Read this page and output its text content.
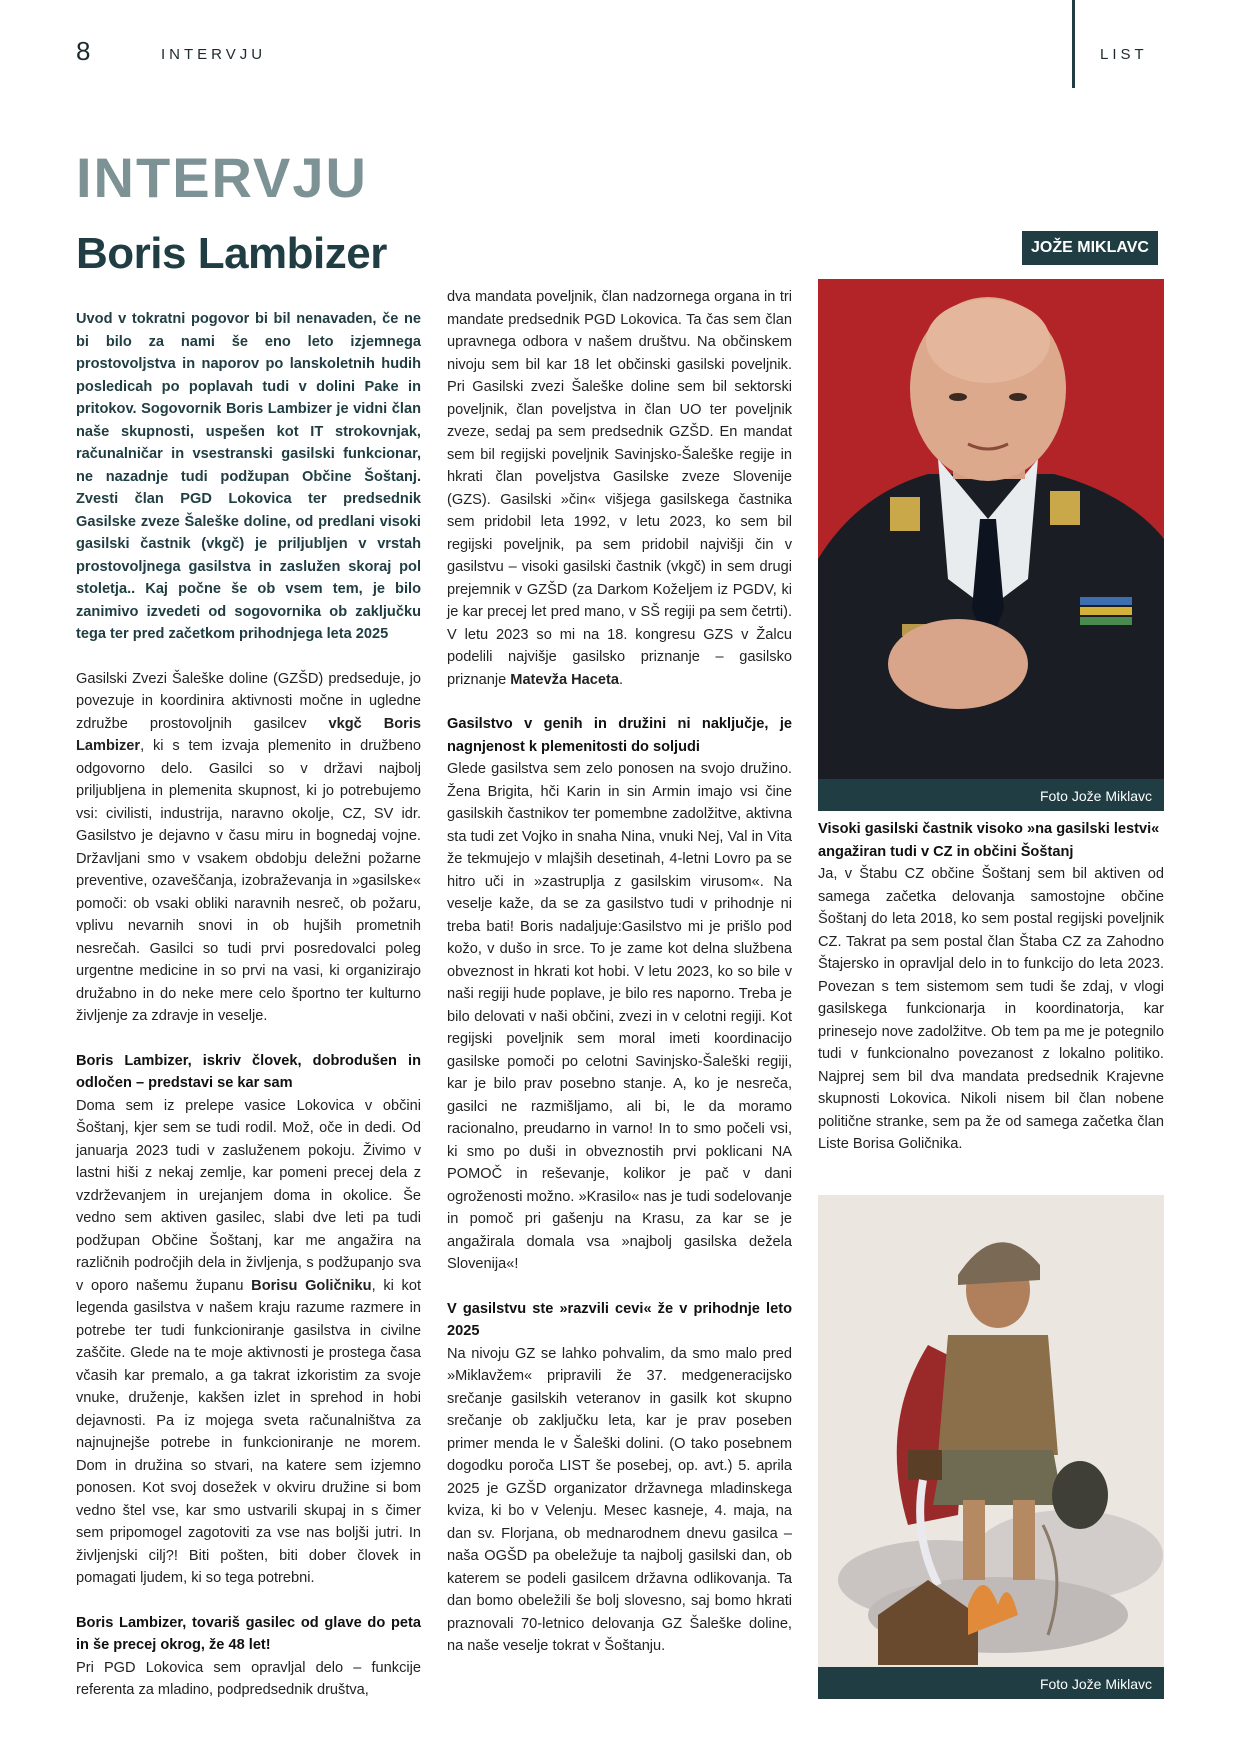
8	INTERVJU	LIST
INTERVJU
Boris Lambizer

Uvod v tokratni pogovor bi bil nenavaden, če ne bi bilo za nami še eno leto izjemnega prostovoljstva in naporov po lanskoletnih hudih posledicah po poplavah tudi v dolini Pake in pritokov. Sogovornik Boris Lambizer je vidni član naše skupnosti, uspešen kot IT strokovnjak, računalničar in vsestranski gasilski funkcionar, ne nazadnje tudi podžupan Občine Šoštanj. Zvesti član PGD Lokovica ter predsednik Gasilske zveze Šaleške doline, od predlani visoki gasilski častnik (vkgč) je priljubljen v vrstah prostovoljnega gasilstva in zaslužen skoraj pol stoletja.. Kaj počne še ob vsem tem, je bilo zanimivo izvedeti od sogovornika ob zaključku tega ter pred začetkom prihodnjega leta 2025

Gasilski Zvezi Šaleške doline (GZŠD) predseduje, jo povezuje in koordinira aktivnosti močne in ugledne združbe prostovoljnih gasilcev vkgč Boris Lambizer, ki s tem izvaja plemenito in družbeno odgovorno delo. Gasilci so v državi najbolj priljubljena in plemenita skupnost, ki jo potrebujemo vsi: civilisti, industrija, naravno okolje, CZ, SV idr. Gasilstvo je dejavno v času miru in bognedaj vojne. Državljani smo v vsakem obdobju deležni požarne preventive, ozaveščanja, izobraževanja in »gasilske« pomoči: ob vsaki obliki naravnih nesreč, ob požaru, vplivu nevarnih snovi in ob hujših prometnih nesrečah. Gasilci so tudi prvi posredovalci poleg urgentne medicine in so prvi na vasi, ki organizirajo družabno in do neke mere celo športno ter kulturno življenje za zdravje in veselje.

Boris Lambizer, iskriv človek, dobrodušen in odločen – predstavi se kar sam
Doma sem iz prelepe vasice Lokovica v občini Šoštanj, kjer sem se tudi rodil. Mož, oče in dedi. Od januarja 2023 tudi v zasluženem pokoju. Živimo v lastni hiši z nekaj zemlje, kar pomeni precej dela z vzdrževanjem in urejanjem doma in okolice. Še vedno sem aktiven gasilec, slabi dve leti pa tudi podžupan Občine Šoštanj, kar me angažira na različnih področjih dela in življenja, s podžupanjo sva v oporo našemu županu Borisu Goličniku, ki kot legenda gasilstva v našem kraju razume razmere in potrebe ter tudi funkcioniranje gasilstva in civilne zaščite. Glede na te moje aktivnosti je prostega časa včasih kar premalo, a ga takrat izkoristim za svoje vnuke, druženje, kakšen izlet in sprehod in hobi dejavnosti. Pa iz mojega sveta računalništva za najnujnejše potrebe in funkcioniranje ne morem. Dom in družina so stvari, na katere sem izjemno ponosen. Kot svoj dosežek v okviru družine si bom vedno štel vse, kar smo ustvarili skupaj in s čimer sem pripomogel zagotoviti za vse nas boljši jutri. In življenjski cilj?! Biti pošten, biti dober človek in pomagati ljudem, ki so tega potrebni.

Boris Lambizer, tovariš gasilec od glave do peta in še precej okrog, že 48 let!
Pri PGD Lokovica sem opravljal delo – funkcije referenta za mladino, podpredsednik društva,

dva mandata poveljnik, član nadzornega organa in tri mandate predsednik PGD Lokovica. Ta čas sem član upravnega odbora v našem društvu. Na občinskem nivoju sem bil kar 18 let občinski gasilski poveljnik. Pri Gasilski zvezi Šaleške doline sem bil sektorski poveljnik, član poveljstva in član UO ter poveljnik zveze, sedaj pa sem predsednik GZŠD. En mandat sem bil regijski poveljnik Savinjsko-Šaleške regije in hkrati član poveljstva Gasilske zveze Slovenije (GZS). Gasilski »čin« višjega gasilskega častnika sem pridobil leta 1992, v letu 2023, ko sem bil regijski poveljnik, pa sem pridobil najvišji čin v gasilstvu – visoki gasilski častnik (vkgč) in sem drugi prejemnik v GZŠD (za Darkom Koželjem iz PGDV, ki je kar precej let pred mano, v SŠ regiji pa sem četrti). V letu 2023 so mi na 18. kongresu GZS v Žalcu podelili najvišje gasilsko priznanje – gasilsko priznanje Matevža Haceta.

Gasilstvo v genih in družini ni naključje, je nagnjenost k plemenitosti do soljudi
Glede gasilstva sem zelo ponosen na svojo družino. Žena Brigita, hči Karin in sin Armin imajo vsi čine gasilskih častnikov ter pomembne zadolžitve, aktivna sta tudi zet Vojko in snaha Nina, vnuki Nej, Val in Vita že tekmujejo v mlajših desetinah, 4-letni Lovro pa se hitro uči in »zastruplja z gasilskim virusom«. Na veselje kaže, da se za gasilstvo tudi v prihodnje ni treba bati! Boris nadaljuje:Gasilstvo mi je prišlo pod kožo, v dušo in srce. To je zame kot delna službena obveznost in hkrati kot hobi. V letu 2023, ko so bile v naši regiji hude poplave, je bilo res naporno. Treba je bilo delovati v naši občini, zvezi in v celotni regiji. Kot regijski poveljnik sem moral imeti koordinacijo gasilske pomoči po celotni Savinjsko-Šaleški regiji, kar je bilo prav posebno stanje. A, ko je nesreča, gasilci ne razmišljamo, ali bi, le da moramo racionalno, preudarno in varno! In to smo počeli vsi, ki smo po duši in obveznostih prvi poklicani NA POMOČ in reševanje, kolikor je pač v dani ogroženosti možno. »Krasilo« nas je tudi sodelovanje in pomoč pri gašenju na Krasu, za kar se je angažirala domala vsa »najbolj gasilska dežela Slovenija«!

V gasilstvu ste »razvili cevi« že v prihodnje leto 2025
Na nivoju GZ se lahko pohvalim, da smo malo pred »Miklavžem« pripravili že 37. medgeneracijsko srečanje gasilskih veteranov in gasilk kot skupno srečanje ob zaključku leta, kar je prav poseben primer menda le v Šaleški dolini. (O tako posebnem dogodku poroča LIST še posebej, op. avt.) 5. aprila 2025 je GZŠD organizator državnega mladinskega kviza, ki bo v Velenju. Mesec kasneje, 4. maja, na dan sv. Florjana, ob mednarodnem dnevu gasilca – naša OGŠD pa obeležuje ta najbolj gasilski dan, ob katerem se podeli gasilcem državna odlikovanja. Ta dan bomo obeležili še bolj slovesno, saj bomo hkrati praznovali 70-letnico delovanja GZ Šaleške doline, na naše veselje tokrat v Šoštanju.

JOŽE MIKLAVC
Foto Jože Miklavc
Visoki gasilski častnik visoko »na gasilski lestvi« angažiran tudi v CZ in občini Šoštanj

Ja, v Štabu CZ občine Šoštanj sem bil aktiven od samega začetka delovanja samostojne občine Šoštanj do leta 2018, ko sem postal regijski poveljnik CZ. Takrat pa sem postal član Štaba CZ za Zahodno Štajersko in opravljal delo in to funkcijo do leta 2023. Povezan s tem sistemom sem tudi še zdaj, v vlogi gasilskega funkcionarja in koordinatorja, kar prinesejo nove zadolžitve. Ob tem pa me je potegnilo tudi v funkcionalno povezanost z lokalno politiko. Najprej sem bil dva mandata predsednik Krajevne skupnosti Lokovica. Nikoli nisem bil član nobene politične stranke, sem pa že od samega začetka član Liste Borisa Goličnika.

Foto Jože Miklavc
